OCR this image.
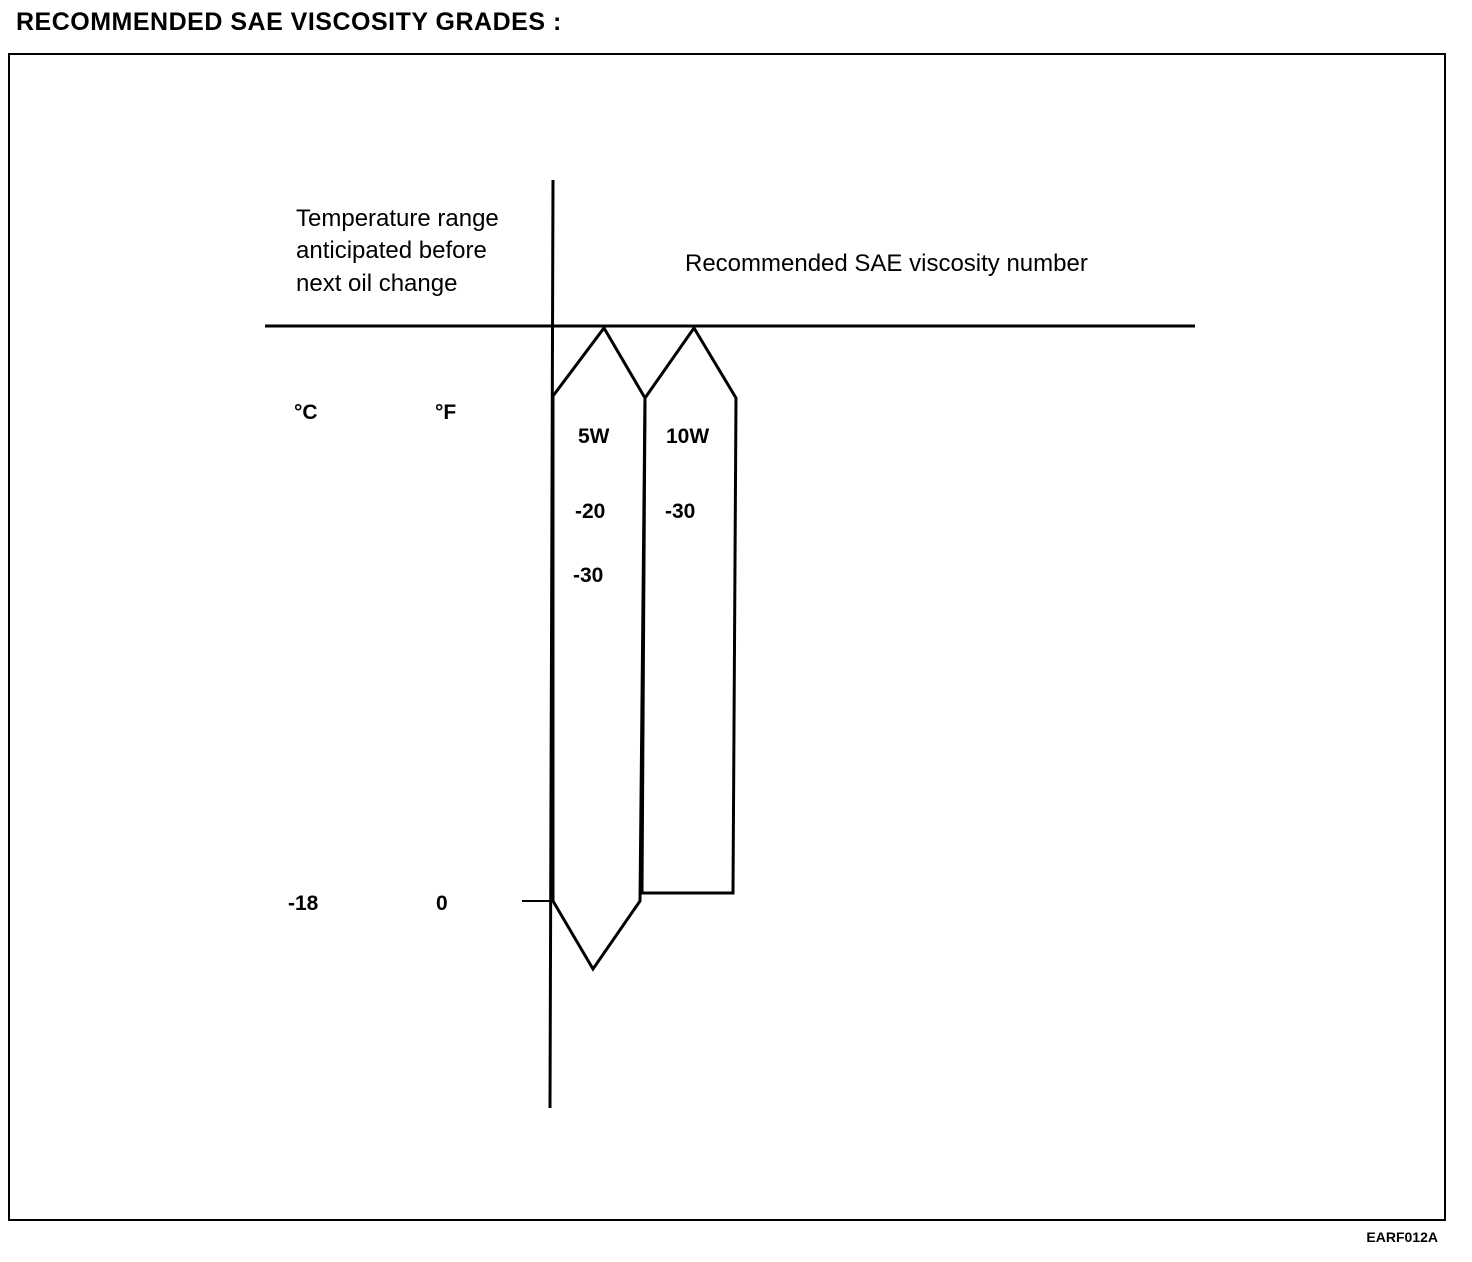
RECOMMENDED SAE VISCOSITY GRADES :
Temperature range
anticipated before
next oil change
Recommended SAE viscosity number
°C	°F
-18	0
5W
-20
-30
10W
-30
EARF012A
